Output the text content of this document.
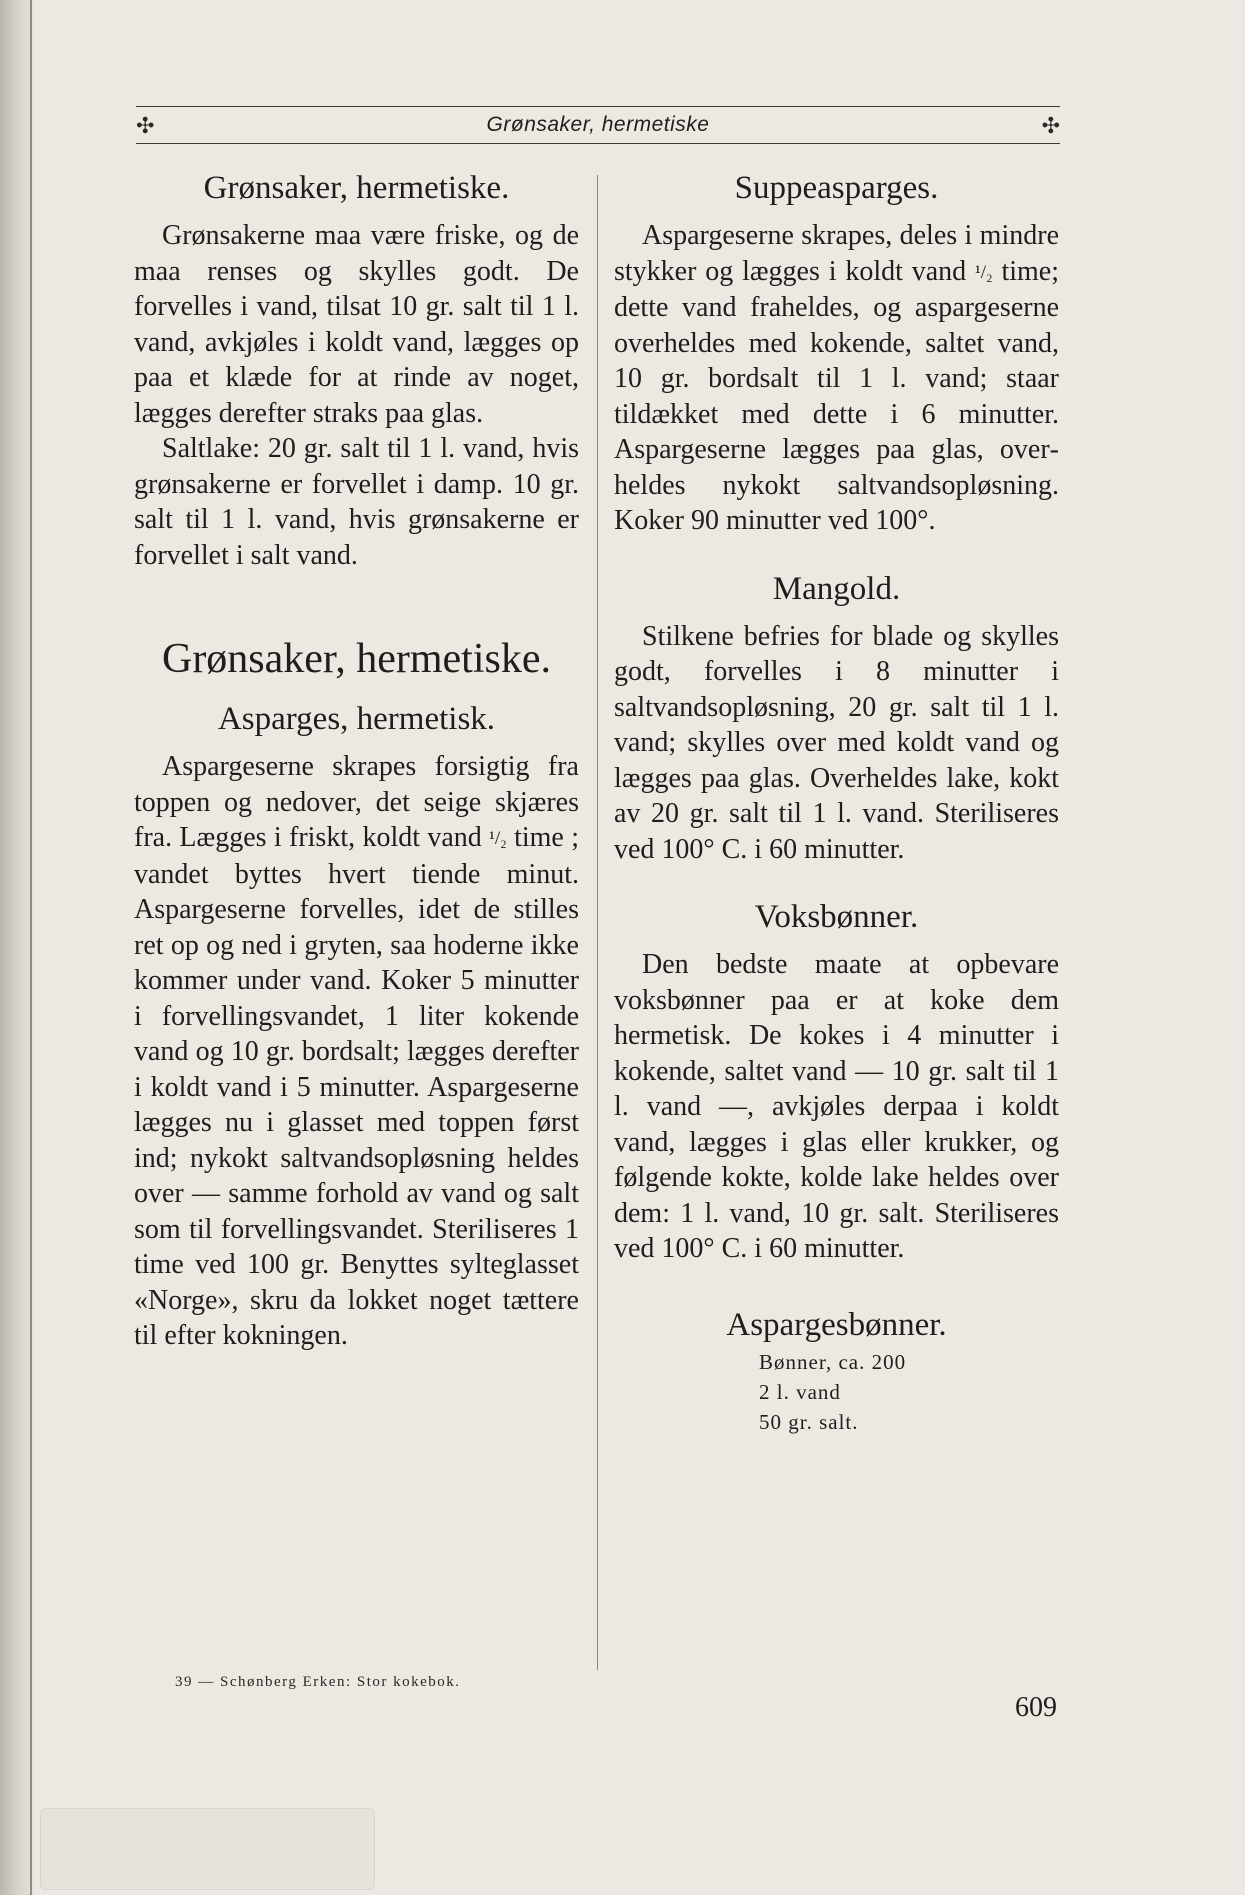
✣	Grønsaker, hermetiske	✣
Grønsaker, hermetiske.

Grønsakerne maa være friske, og de maa renses og skylles godt. De forvelles i vand, tilsat 10 gr. salt til 1 l. vand, avkjøles i koldt vand, lægges op paa et klæde for at rinde av noget, lægges derefter straks paa glas.

Saltlake: 20 gr. salt til 1 l. vand, hvis grønsakerne er forvellet i damp. 10 gr. salt til 1 l. vand, hvis grønsakerne er forvellet i salt vand.

Grønsaker, hermetiske.
Asparges, hermetisk.

Aspargeserne skrapes forsigtig fra toppen og nedover, det seige skjæres fra. Lægges i friskt, koldt vand ¹/₂ time ; vandet byttes hvert tiende minut. Aspargeserne forvelles, idet de stilles ret op og ned i gryten, saa hoderne ikke kommer under vand. Koker 5 minutter i forvellingsvandet, 1 liter kokende vand og 10 gr. bordsalt; lægges derefter i koldt vand i 5 minutter. Aspargeserne lægges nu i glasset med toppen først ind; nykokt saltvandsopløsning heldes over — samme forhold av vand og salt som til forvellingsvandet. Steriliseres 1 time ved 100 gr. Benyttes sylteglasset «Norge», skru da lokket noget tættere til efter kokningen.

39 — Schønberg Erken: Stor kokebok.
Suppeasparges.

Aspargeserne skrapes, deles i mindre stykker og lægges i koldt vand ¹/₂ time; dette vand fraheldes, og aspargeserne overheldes med kokende, saltet vand, 10 gr. bordsalt til 1 l. vand; staar tildækket med dette i 6 minutter. Aspargeserne lægges paa glas, overheldes nykokt saltvandsopløsning. Koker 90 minutter ved 100°.

Mangold.

Stilkene befries for blade og skylles godt, forvelles i 8 minutter i saltvandsopløsning, 20 gr. salt til 1 l. vand; skylles over med koldt vand og lægges paa glas. Overheldes lake, kokt av 20 gr. salt til 1 l. vand. Steriliseres ved 100° C. i 60 minutter.

Voksbønner.

Den bedste maate at opbevare voksbønner paa er at koke dem hermetisk. De kokes i 4 minutter i kokende, saltet vand — 10 gr. salt til 1 l. vand —, avkjøles derpaa i koldt vand, lægges i glas eller krukker, og følgende kokte, kolde lake heldes over dem: 1 l. vand, 10 gr. salt. Steriliseres ved 100° C. i 60 minutter.

Aspargesbønner.
Bønner, ca. 200
2 l. vand
50 gr. salt.
609
